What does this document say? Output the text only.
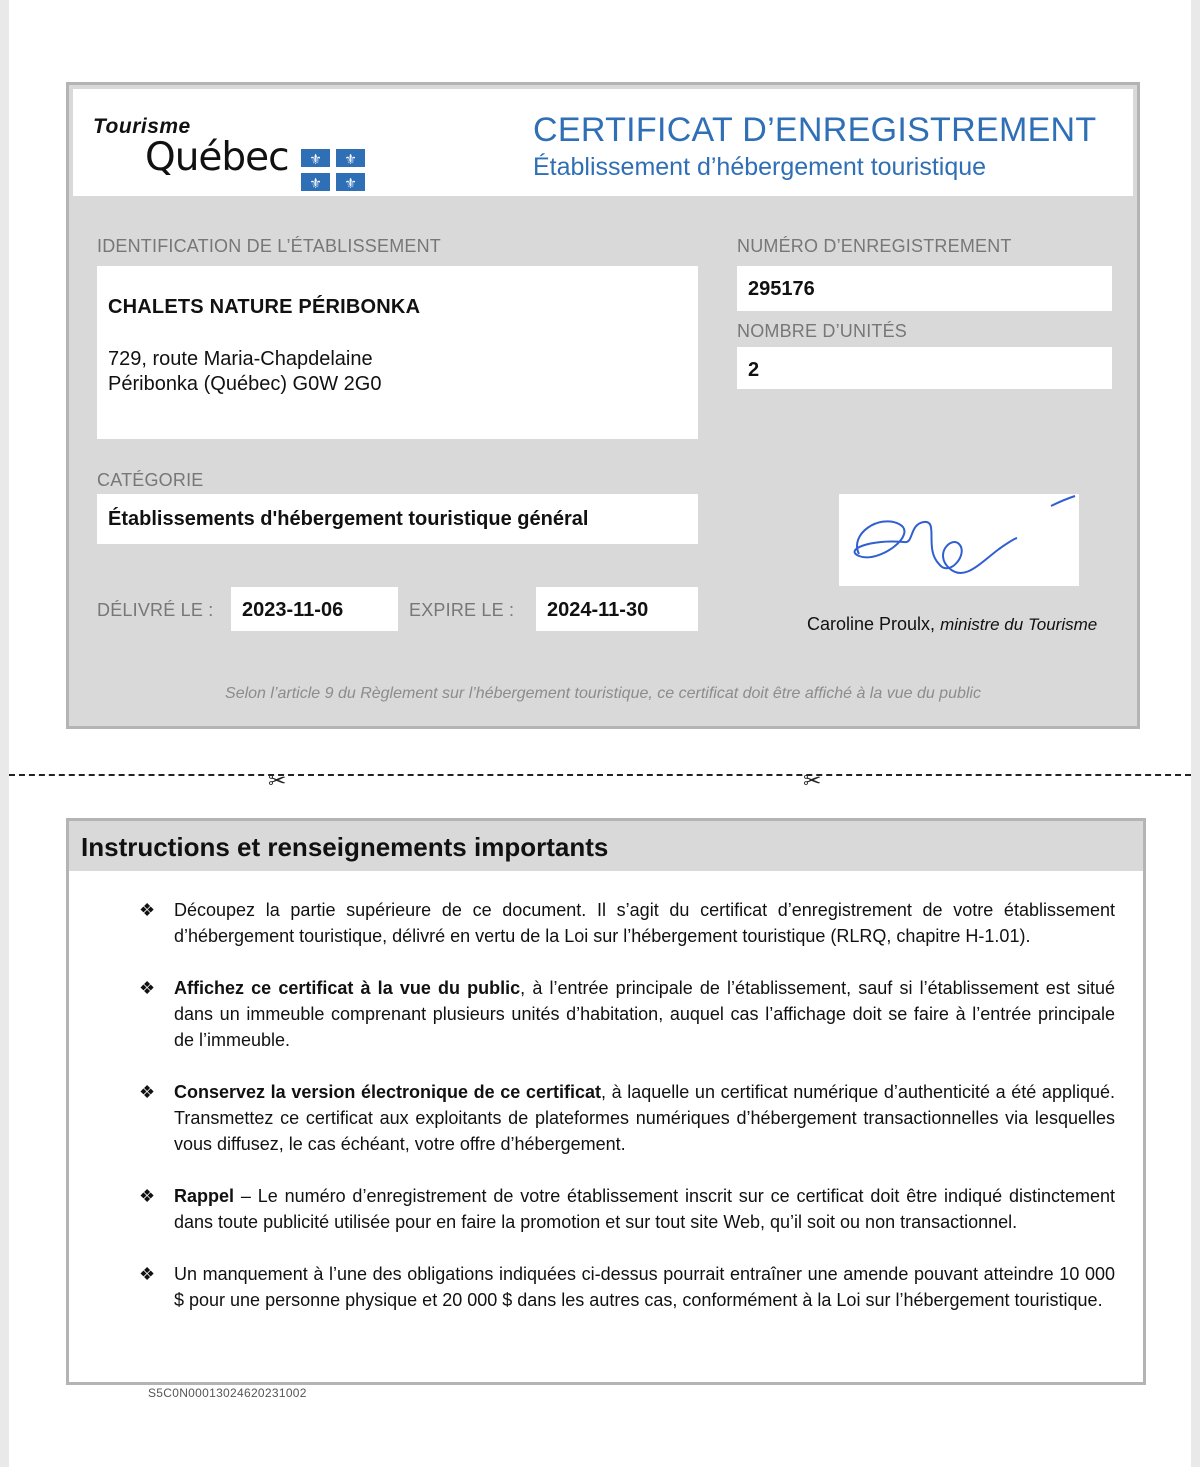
Tourisme
Québec ⚜ ⚜
⚜ ⚜
CERTIFICAT D’ENREGISTREMENT
Établissement d’hébergement touristique
IDENTIFICATION DE L’ÉTABLISSEMENT
CHALETS NATURE PÉRIBONKA
729, route Maria-Chapdelaine
Péribonka (Québec) G0W 2G0
NUMÉRO D’ENREGISTREMENT
295176
NOMBRE D’UNITÉS
2
CATÉGORIE
Établissements d'hébergement touristique général
DÉLIVRÉ LE : 2023-11-06	EXPIRE LE : 2024-11-30
Caroline Proulx, ministre du Tourisme
Selon l’article 9 du Règlement sur l’hébergement touristique, ce certificat doit être affiché à la vue du public
✂	✂
Instructions et renseignements importants
❖ Découpez la partie supérieure de ce document. Il s’agit du certificat d’enregistrement de votre établissement d’hébergement touristique, délivré en vertu de la Loi sur l’hébergement touristique (RLRQ, chapitre H-1.01).
❖ Affichez ce certificat à la vue du public, à l’entrée principale de l’établissement, sauf si l’établissement est situé dans un immeuble comprenant plusieurs unités d’habitation, auquel cas l’affichage doit se faire à l’entrée principale de l’immeuble.
❖ Conservez la version électronique de ce certificat, à laquelle un certificat numérique d’authenticité a été appliqué. Transmettez ce certificat aux exploitants de plateformes numériques d’hébergement transactionnelles via lesquelles vous diffusez, le cas échéant, votre offre d’hébergement.
❖ Rappel – Le numéro d’enregistrement de votre établissement inscrit sur ce certificat doit être indiqué distinctement dans toute publicité utilisée pour en faire la promotion et sur tout site Web, qu’il soit ou non transactionnel.
❖ Un manquement à l’une des obligations indiquées ci-dessus pourrait entraîner une amende pouvant atteindre 10 000 $ pour une personne physique et 20 000 $ dans les autres cas, conformément à la Loi sur l’hébergement touristique.
S5C0N00013024620231002
